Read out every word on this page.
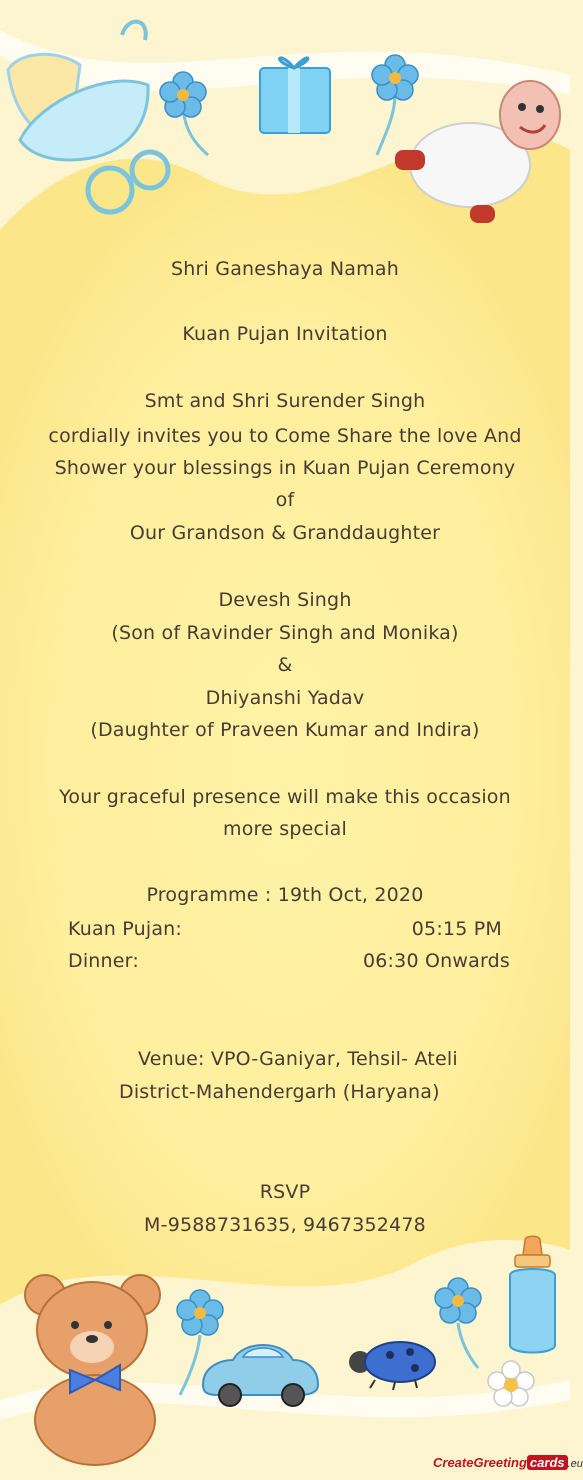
Shri Ganeshaya Namah
Kuan Pujan Invitation
Smt and Shri Surender Singh
cordially invites you to Come Share the love And
Shower your blessings in Kuan Pujan Ceremony
of
Our Grandson & Granddaughter
Devesh Singh
(Son of Ravinder Singh and Monika)
&
Dhiyanshi Yadav
(Daughter of Praveen Kumar and Indira)
Your graceful presence will make this occasion
more special
Programme : 19th Oct, 2020
Kuan Pujan:	05:15 PM
Dinner:	06:30 Onwards
Venue: VPO-Ganiyar, Tehsil- Ateli
District-Mahendergarh (Haryana)
RSVP
M-9588731635, 9467352478
CreateGreeting cards .eu
